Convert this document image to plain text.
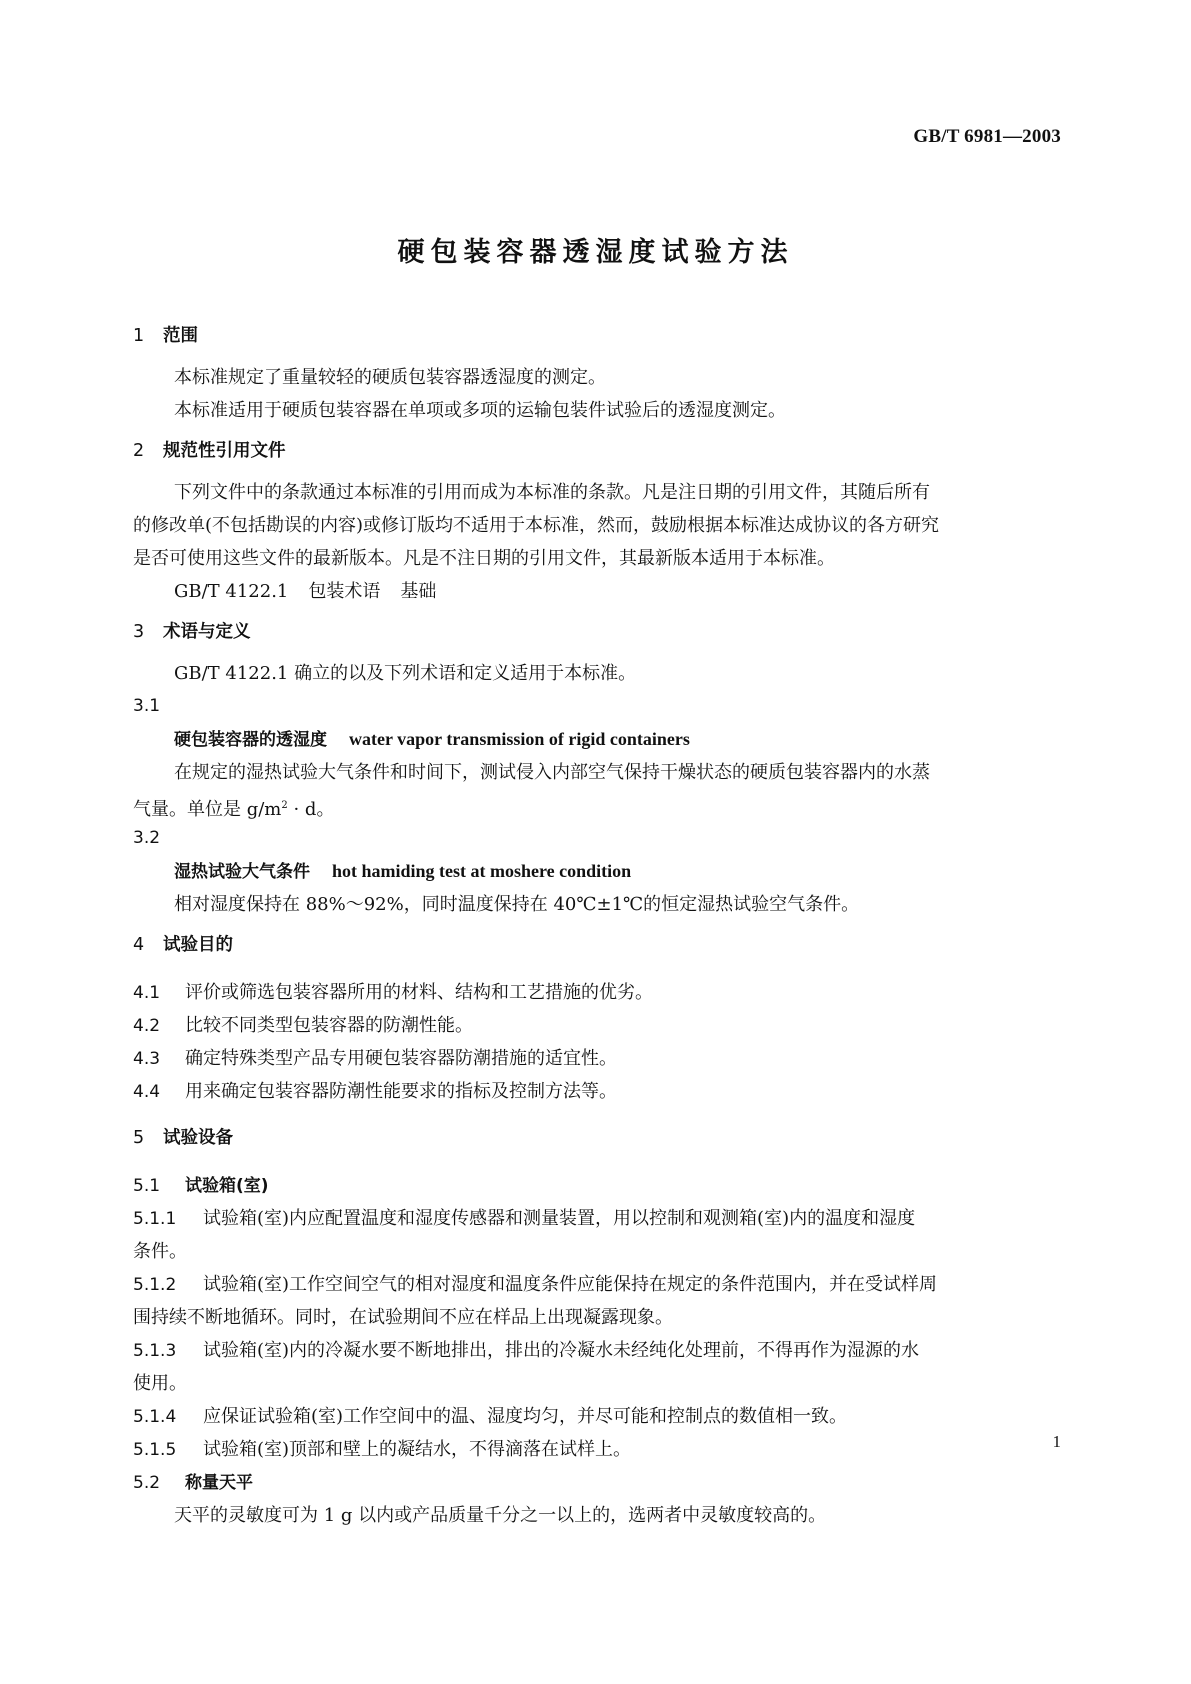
GB/T 6981—2003
硬包装容器透湿度试验方法
1 范围
本标准规定了重量较轻的硬质包装容器透湿度的测定。
本标准适用于硬质包装容器在单项或多项的运输包装件试验后的透湿度测定。
2 规范性引用文件
下列文件中的条款通过本标准的引用而成为本标准的条款。凡是注日期的引用文件，其随后所有
的修改单(不包括勘误的内容)或修订版均不适用于本标准，然而，鼓励根据本标准达成协议的各方研究
是否可使用这些文件的最新版本。凡是不注日期的引用文件，其最新版本适用于本标准。
GB/T 4122.1 包装术语 基础
3 术语与定义
GB/T 4122.1 确立的以及下列术语和定义适用于本标准。
3.1
硬包装容器的透湿度 water vapor transmission of rigid containers
在规定的湿热试验大气条件和时间下，测试侵入内部空气保持干燥状态的硬质包装容器内的水蒸
气量。单位是 $g/m^2 \cdot d$。
3.2
湿热试验大气条件 hot hamiding test at moshere condition
相对湿度保持在 88%～92%，同时温度保持在 40℃±1℃的恒定湿热试验空气条件。
4 试验目的
4.1 评价或筛选包装容器所用的材料、结构和工艺措施的优劣。
4.2 比较不同类型包装容器的防潮性能。
4.3 确定特殊类型产品专用硬包装容器防潮措施的适宜性。
4.4 用来确定包装容器防潮性能要求的指标及控制方法等。
5 试验设备
5.1 试验箱(室)
5.1.1 试验箱(室)内应配置温度和湿度传感器和测量装置，用以控制和观测箱(室)内的温度和湿度
条件。
5.1.2 试验箱(室)工作空间空气的相对湿度和温度条件应能保持在规定的条件范围内，并在受试样周
围持续不断地循环。同时，在试验期间不应在样品上出现凝露现象。
5.1.3 试验箱(室)内的冷凝水要不断地排出，排出的冷凝水未经纯化处理前，不得再作为湿源的水
使用。
5.1.4 应保证试验箱(室)工作空间中的温、湿度均匀，并尽可能和控制点的数值相一致。
5.1.5 试验箱(室)顶部和壁上的凝结水，不得滴落在试样上。
5.2 称量天平
天平的灵敏度可为 1 g 以内或产品质量千分之一以上的，选两者中灵敏度较高的。
1
